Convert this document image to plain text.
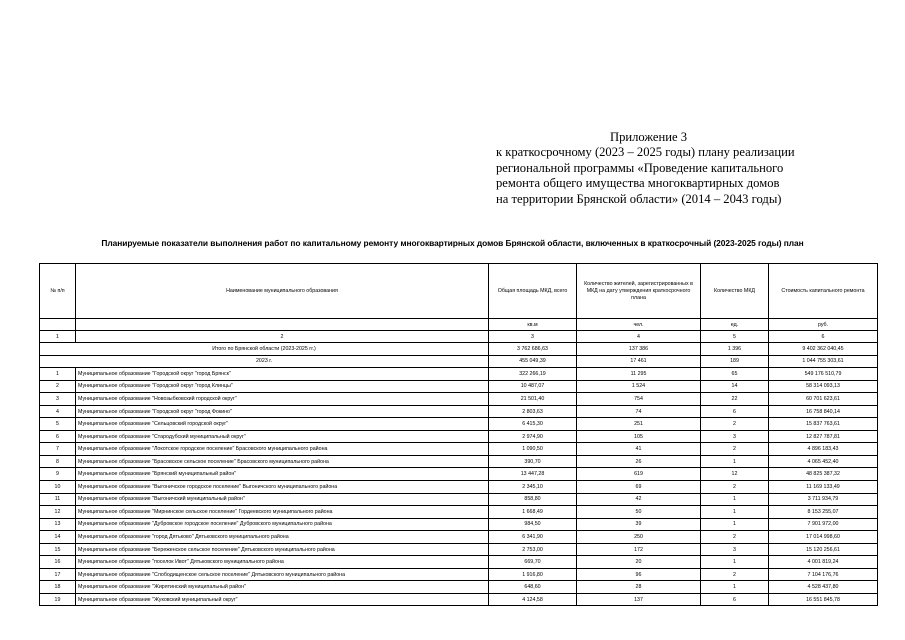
Приложение 3
к краткосрочному (2023 – 2025 годы) плану реализации
региональной программы «Проведение капитального
ремонта общего имущества многоквартирных домов
на территории Брянской области» (2014 – 2043 годы)
Планируемые показатели выполнения работ по капитальному ремонту многоквартирных домов Брянской области, включенных в краткосрочный (2023-2025 годы) план
№ п/п	Наименование муниципального образования	Общая площадь МКД, всего	Количество жителей, зарегистрированных в МКД на дату утверждения краткосрочного плана	Количество МКД	Стоимость капитального ремонта
		кв.м	чел.	ед.	руб.
1	2	3	4	5	6
Итого по Брянской области (2023-2025 гг.)		3 762 686,63	137 386	1 396	9 402 362 040,45
2023 г.		455 049,39	17 461	189	1 044 755 303,61
1	Муниципальное образование "Городской округ "город Брянск"	322 266,19	11 295	65	549 176 510,79
2	Муниципальное образование "Городской округ "город Клинцы"	10 487,07	1 524	14	58 314 093,13
3	Муниципальное образование "Новозыбковский городской округ"	21 501,40	754	22	60 701 623,61
4	Муниципальное образование "Городской округ "город Фокино"	2 803,63	74	6	16 758 840,14
5	Муниципальное образование "Сельцовский городской округ"	6 415,30	251	2	15 837 763,61
6	Муниципальное образование "Стародубский муниципальный округ"	2 974,90	105	3	12 827 787,81
7	Муниципальное образование "Локотское городское поселение" Брасовского муниципального района	1 090,50	41	2	4 896 183,43
8	Муниципальное образование "Брасовское сельское поселение" Брасовского муниципального района	390,70	26	1	4 065 452,40
9	Муниципальное образование "Брянский муниципальный район"	13 447,28	619	12	48 825 387,32
10	Муниципальное образование "Выгоничское городское поселение" Выгоничского муниципального района	2 345,10	69	2	11 169 133,49
11	Муниципальное образование "Выгоничский муниципальный район"	858,80	42	1	3 711 934,79
12	Муниципальное образование "Мирнинское сельское поселение" Гордеевского муниципального района	1 668,49	50	1	8 153 255,07
13	Муниципальное образование "Дубровское городское поселение" Дубровского муниципального района	984,50	39	1	7 901 972,00
14	Муниципальное образование "город Дятьково" Дятьковского муниципального района	6 341,90	250	2	17 014 998,60
15	Муниципальное образование "Береженское сельское поселение" Дятьковского муниципального района	2 753,00	172	3	15 120 256,61
16	Муниципальное образование "поселок Ивот" Дятьковского муниципального района	669,70	20	1	4 001 819,24
17	Муниципальное образование "Слободищенское сельское поселение" Дятьковского муниципального района	1 916,80	96	2	7 104 176,76
18	Муниципальное образование "Жирятинский муниципальный район"	648,60	28	1	4 528 437,80
19	Муниципальное образование "Жуковский муниципальный округ"	4 124,58	137	6	16 551 845,78
